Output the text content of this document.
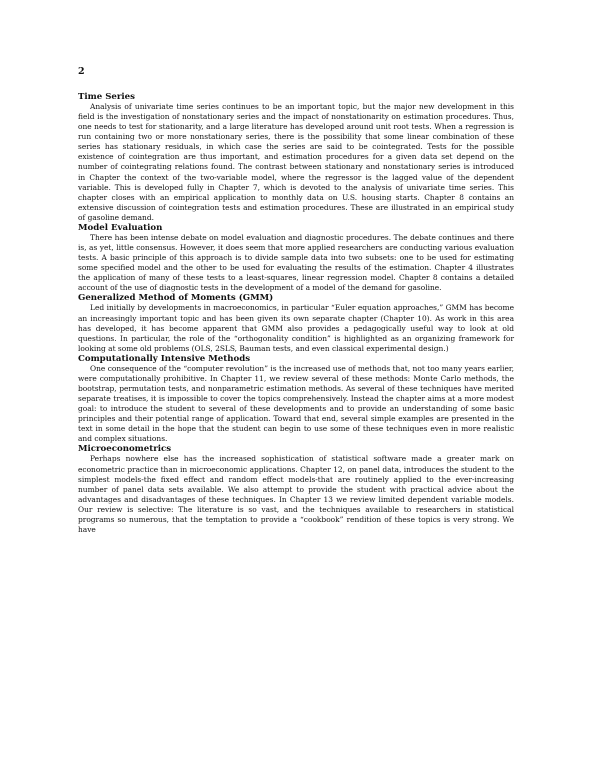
2
Time Series

Analysis of univariate time series continues to be an important topic, but the major new development in this field is the investigation of nonstationary series and the impact of nonstationarity on estimation procedures. Thus, one needs to test for stationarity, and a large literature has developed around unit root tests. When a regression is run containing two or more nonstationary series, there is the possibility that some linear combination of these series has stationary residuals, in which case the series are said to be cointegrated. Tests for the possible existence of cointegration are thus important, and estimation procedures for a given data set depend on the number of cointegrating relations found. The contrast between stationary and nonstationary series is introduced in Chapter the context of the two-variable model, where the regressor is the lagged value of the dependent variable. This is developed fully in Chapter 7, which is devoted to the analysis of univariate time series. This chapter closes with an empirical application to monthly data on U.S. housing starts. Chapter 8 contains an extensive discussion of cointegration tests and estimation procedures. These are illustrated in an empirical study of gasoline demand.

Model Evaluation

There has been intense debate on model evaluation and diagnostic procedures. The debate continues and there is, as yet, little consensus. However, it does seem that more applied researchers are conducting various evaluation tests. A basic principle of this approach is to divide sample data into two subsets: one to be used for estimating some specified model and the other to be used for evaluating the results of the estimation. Chapter 4 illustrates the application of many of these tests to a least-squares, linear regression model. Chapter 8 contains a detailed account of the use of diagnostic tests in the development of a model of the demand for gasoline.

Generalized Method of Moments (GMM)

Led initially by developments in macroeconomics, in particular “Euler equation approaches,” GMM has become an increasingly important topic and has been given its own separate chapter (Chapter 10). As work in this area has developed, it has become apparent that GMM also provides a pedagogically useful way to look at old questions. In particular, the role of the “orthogonality condition” is highlighted as an organizing framework for looking at some old problems (OLS, 2SLS, Bauman tests, and even classical experimental design.)

Computationally Intensive Methods

One consequence of the “computer revolution” is the increased use of methods that, not too many years earlier, were computationally prohibitive. In Chapter 11, we review several of these methods: Monte Carlo methods, the bootstrap, permutation tests, and nonparametric estimation methods. As several of these techniques have merited separate treatises, it is impossible to cover the topics comprehensively. Instead the chapter aims at a more modest goal: to introduce the student to several of these developments and to provide an understanding of some basic principles and their potential range of application. Toward that end, several simple examples are presented in the text in some detail in the hope that the student can begin to use some of these techniques even in more realistic and complex situations.

Microeconometrics

Perhaps nowhere else has the increased sophistication of statistical software made a greater mark on econometric practice than in microeconomic applications. Chapter 12, on panel data, introduces the student to the simplest models-the fixed effect and random effect models-that are routinely applied to the ever-increasing number of panel data sets available. We also attempt to provide the student with practical advice about the advantages and disadvantages of these techniques. In Chapter 13 we review limited dependent variable models. Our review is selective: The literature is so vast, and the techniques available to researchers in statistical programs so numerous, that the temptation to provide a “cookbook” rendition of these topics is very strong. We have
